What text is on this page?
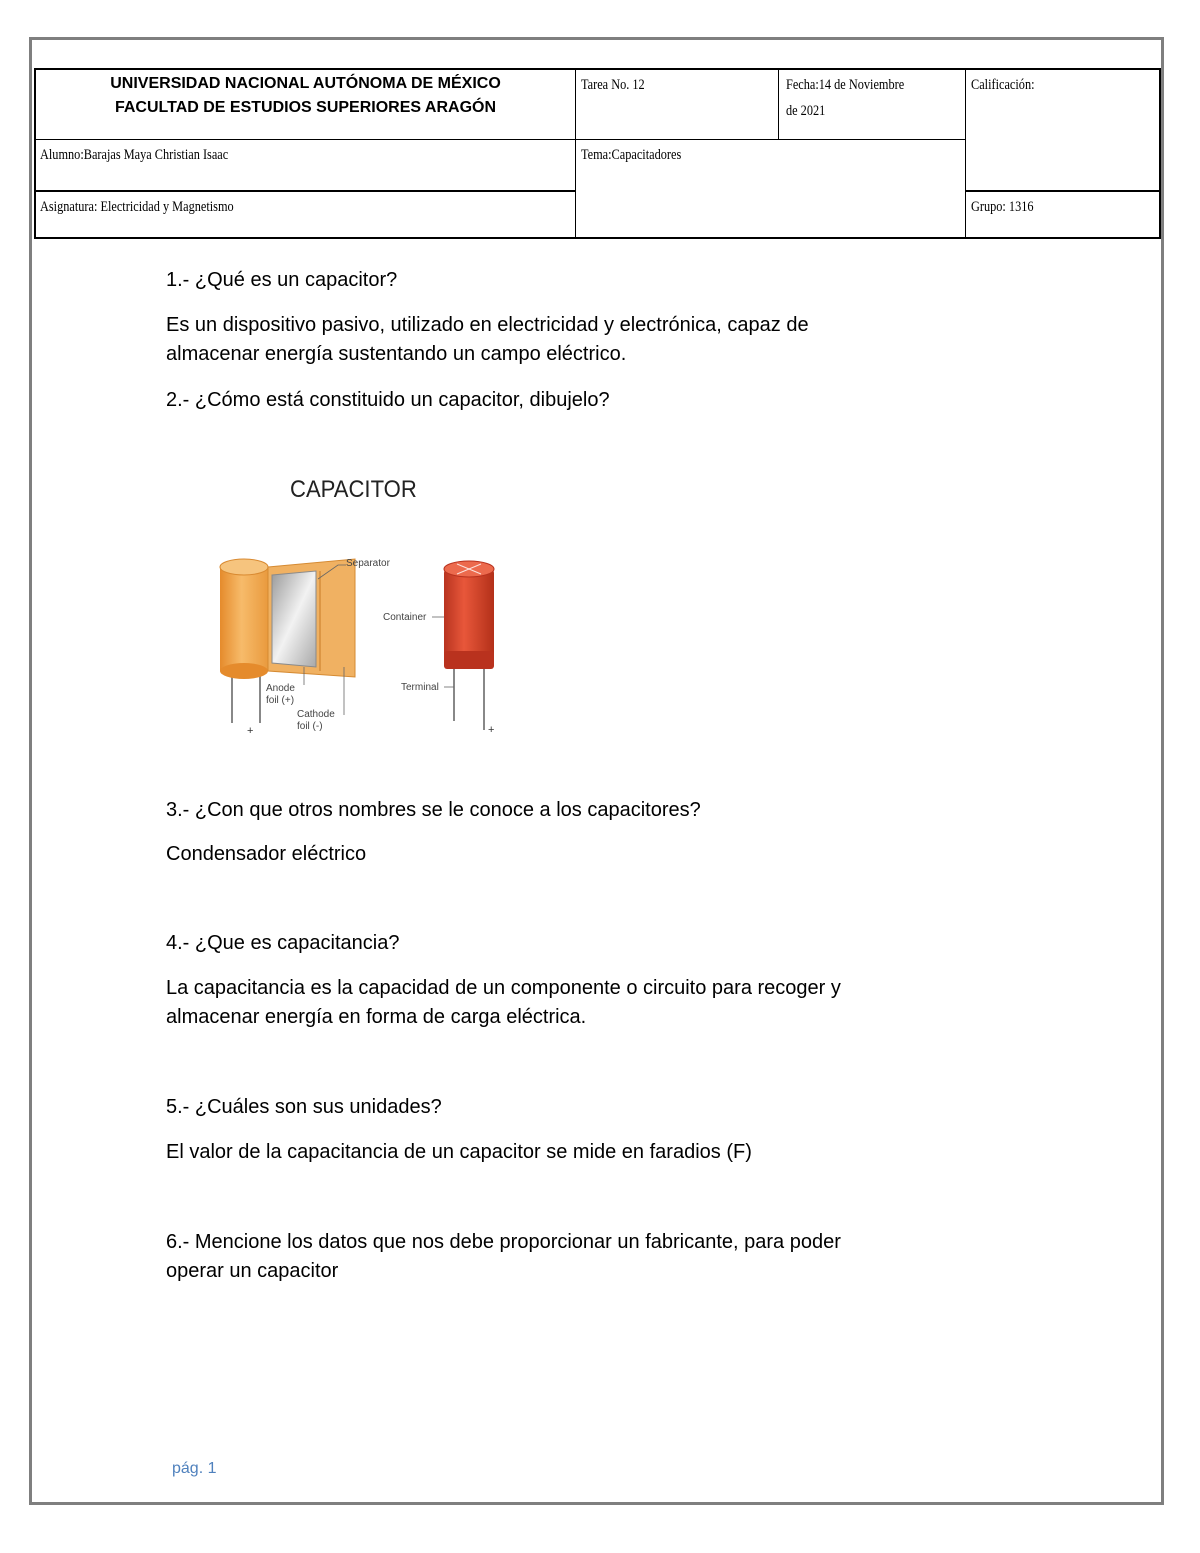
UNIVERSIDAD NACIONAL AUTÓNOMA DE MÉXICO
FACULTAD DE ESTUDIOS SUPERIORES ARAGÓN
Tarea No. 12	Fecha:14 de Noviembre
de 2021
Calificación:
Alumno:Barajas Maya Christian Isaac	Tema:Capacitadores
Asignatura: Electricidad y Magnetismo	Grupo: 1316
1.- ¿Qué es un capacitor?
Es un dispositivo pasivo, utilizado en electricidad y electrónica, capaz de
almacenar energía sustentando un campo eléctrico.
2.- ¿Cómo está constituido un capacitor, dibujelo?
CAPACITOR
Separator
Container
Terminal
Anode
foil (+)
Cathode
foil (-)
+	+
3.- ¿Con que otros nombres se le conoce a los capacitores?
Condensador eléctrico
4.- ¿Que es capacitancia?
La capacitancia es la capacidad de un componente o circuito para recoger y
almacenar energía en forma de carga eléctrica.
5.- ¿Cuáles son sus unidades?
El valor de la capacitancia de un capacitor se mide en faradios (F)
6.- Mencione los datos que nos debe proporcionar un fabricante, para poder
operar un capacitor
pág. 1
